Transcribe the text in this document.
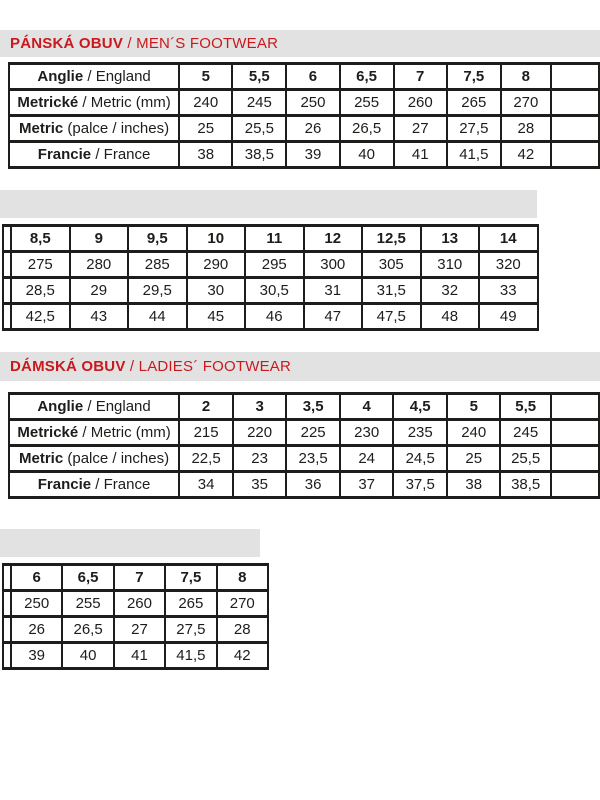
PÁNSKÁ OBUV / MEN´S FOOTWEAR
Anglie / England	5	5,5	6	6,5	7	7,5	8	
Metrické / Metric (mm)	240	245	250	255	260	265	270	
Metric (palce / inches)	25	25,5	26	26,5	27	27,5	28	
Francie / France	38	38,5	39	40	41	41,5	42	
	8,5	9	9,5	10	11	12	12,5	13	14
	275	280	285	290	295	300	305	310	320
	28,5	29	29,5	30	30,5	31	31,5	32	33
	42,5	43	44	45	46	47	47,5	48	49
DÁMSKÁ OBUV / LADIES´ FOOTWEAR
Anglie / England	2	3	3,5	4	4,5	5	5,5	
Metrické / Metric (mm)	215	220	225	230	235	240	245	
Metric (palce / inches)	22,5	23	23,5	24	24,5	25	25,5	
Francie / France	34	35	36	37	37,5	38	38,5	
	6	6,5	7	7,5	8
	250	255	260	265	270
	26	26,5	27	27,5	28
	39	40	41	41,5	42
